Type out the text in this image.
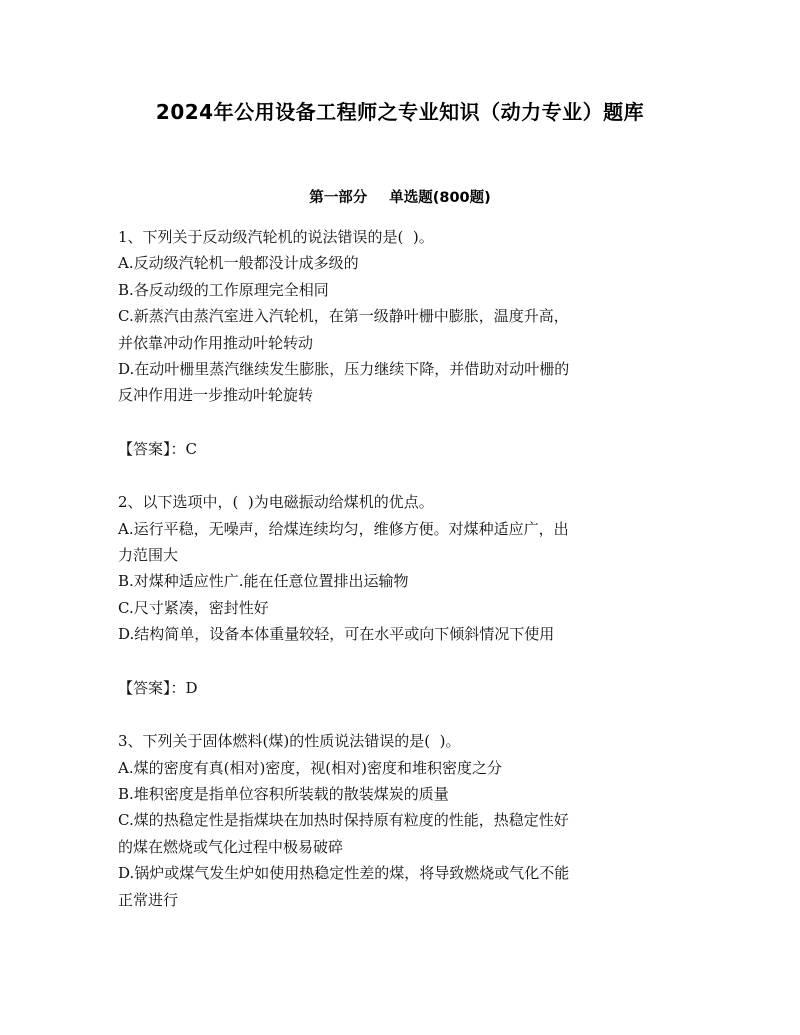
2024年公用设备工程师之专业知识（动力专业）题库
第一部分 单选题(800题)
1、下列关于反动级汽轮机的说法错误的是(  )。
A.反动级汽轮机一般都没计成多级的
B.各反动级的工作原理完全相同
C.新蒸汽由蒸汽室进入汽轮机，在第一级静叶栅中膨胀，温度升高，
并依靠冲动作用推动叶轮转动
D.在动叶栅里蒸汽继续发生膨胀，压力继续下降，并借助对动叶栅的
反冲作用进一步推动叶轮旋转
【答案】：C
2、以下选项中，(  )为电磁振动给煤机的优点。
A.运行平稳，无噪声，给煤连续均匀，维修方便。对煤种适应广，出
力范围大
B.对煤种适应性广.能在任意位置排出运输物
C.尺寸紧凑，密封性好
D.结构简单，设备本体重量较轻，可在水平或向下倾斜情况下使用
【答案】：D
3、下列关于固体燃料(煤)的性质说法错误的是(  )。
A.煤的密度有真(相对)密度，视(相对)密度和堆积密度之分
B.堆积密度是指单位容积所装载的散装煤炭的质量
C.煤的热稳定性是指煤块在加热时保持原有粒度的性能，热稳定性好
的煤在燃烧或气化过程中极易破碎
D.锅炉或煤气发生炉如使用热稳定性差的煤，将导致燃烧或气化不能
正常进行
